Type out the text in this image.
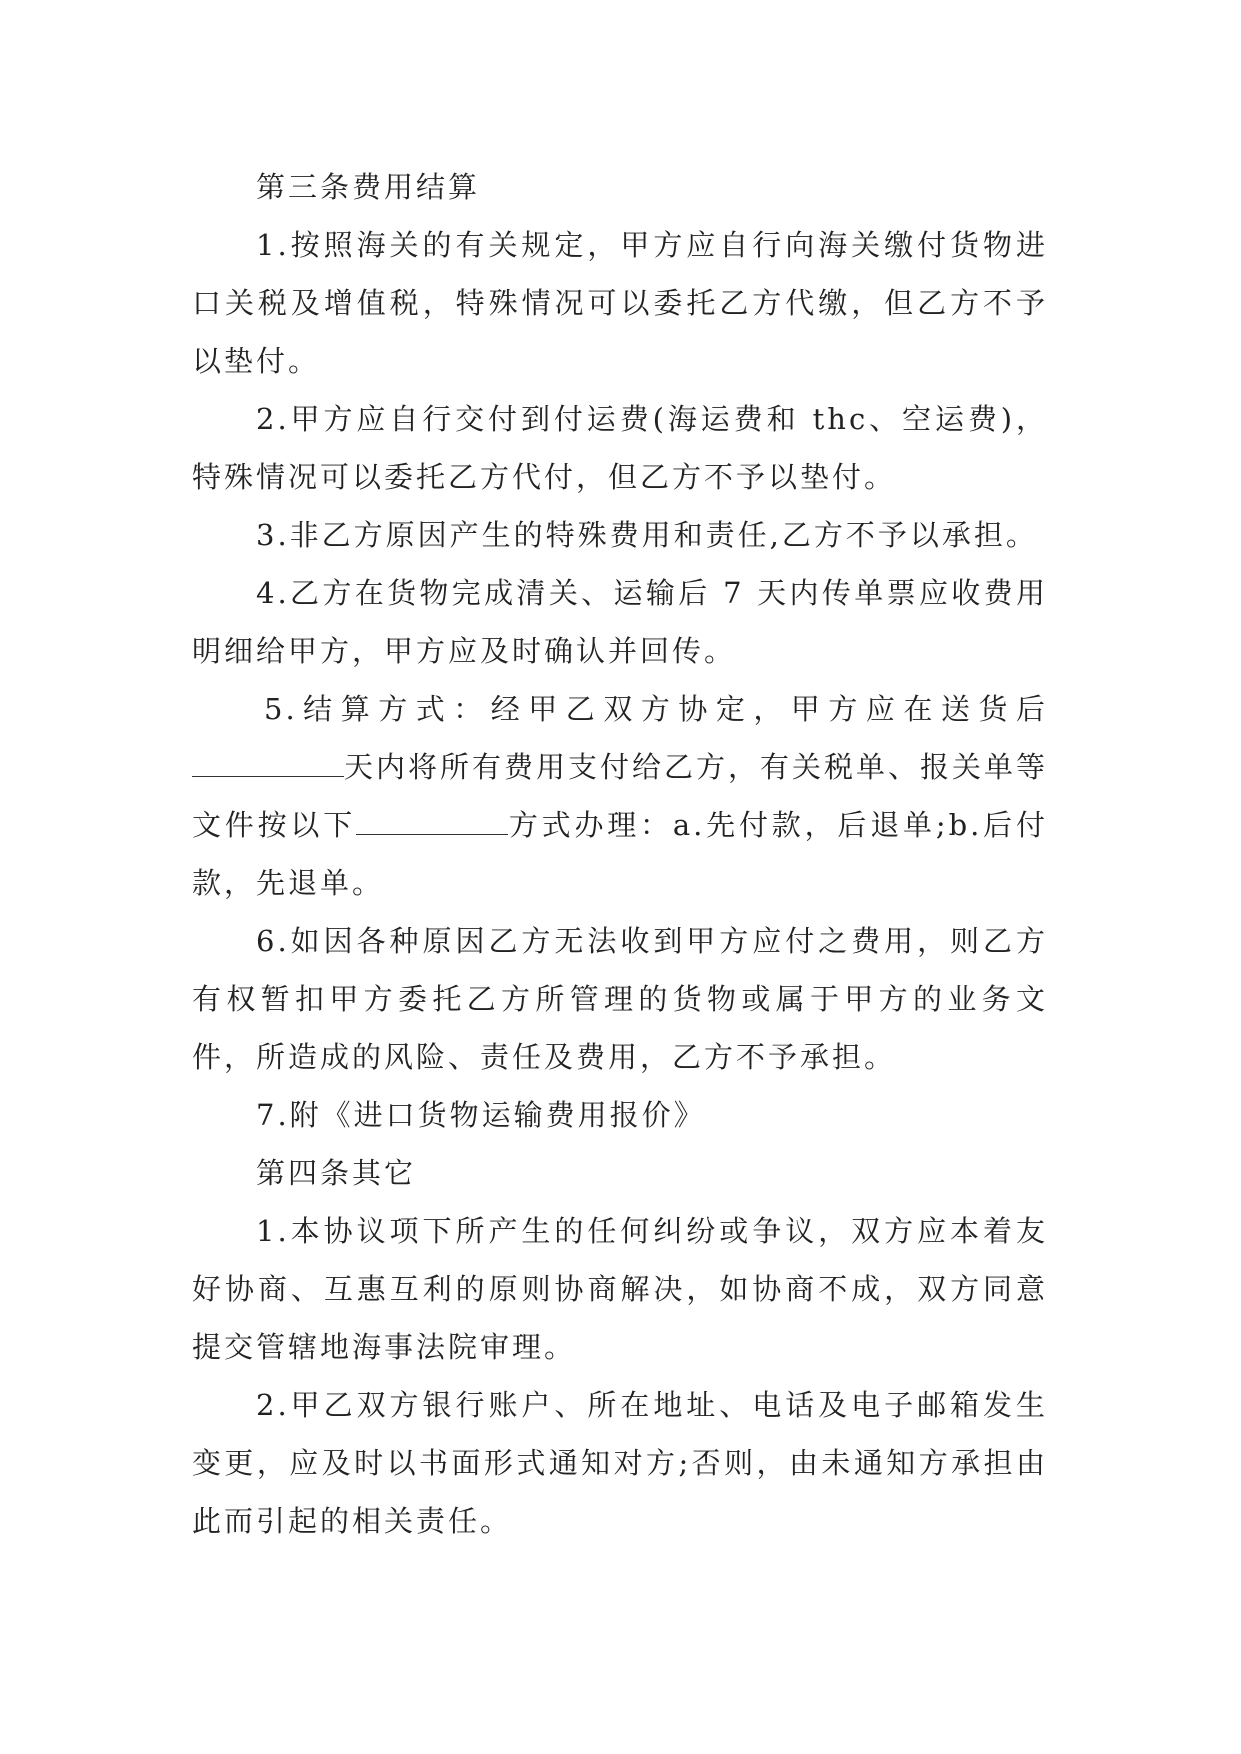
第三条费用结算

1.按照海关的有关规定，甲方应自行向海关缴付货物进口关税及增值税，特殊情况可以委托乙方代缴，但乙方不予以垫付。

2.甲方应自行交付到付运费(海运费和 thc、空运费)，特殊情况可以委托乙方代付，但乙方不予以垫付。

3.非乙方原因产生的特殊费用和责任,乙方不予以承担。

4.乙方在货物完成清关、运输后 7 天内传单票应收费用明细给甲方，甲方应及时确认并回传。

5.结算方式：经甲乙双方协定，甲方应在送货后天内将所有费用支付给乙方，有关税单、报关单等文件按以下	方式办理：a.先付款，后退单;b.后付款，先退单。

6.如因各种原因乙方无法收到甲方应付之费用，则乙方有权暂扣甲方委托乙方所管理的货物或属于甲方的业务文件，所造成的风险、责任及费用，乙方不予承担。

7.附《进口货物运输费用报价》

第四条其它

1.本协议项下所产生的任何纠纷或争议，双方应本着友好协商、互惠互利的原则协商解决，如协商不成，双方同意提交管辖地海事法院审理。

2.甲乙双方银行账户、所在地址、电话及电子邮箱发生变更，应及时以书面形式通知对方;否则，由未通知方承担由此而引起的相关责任。
